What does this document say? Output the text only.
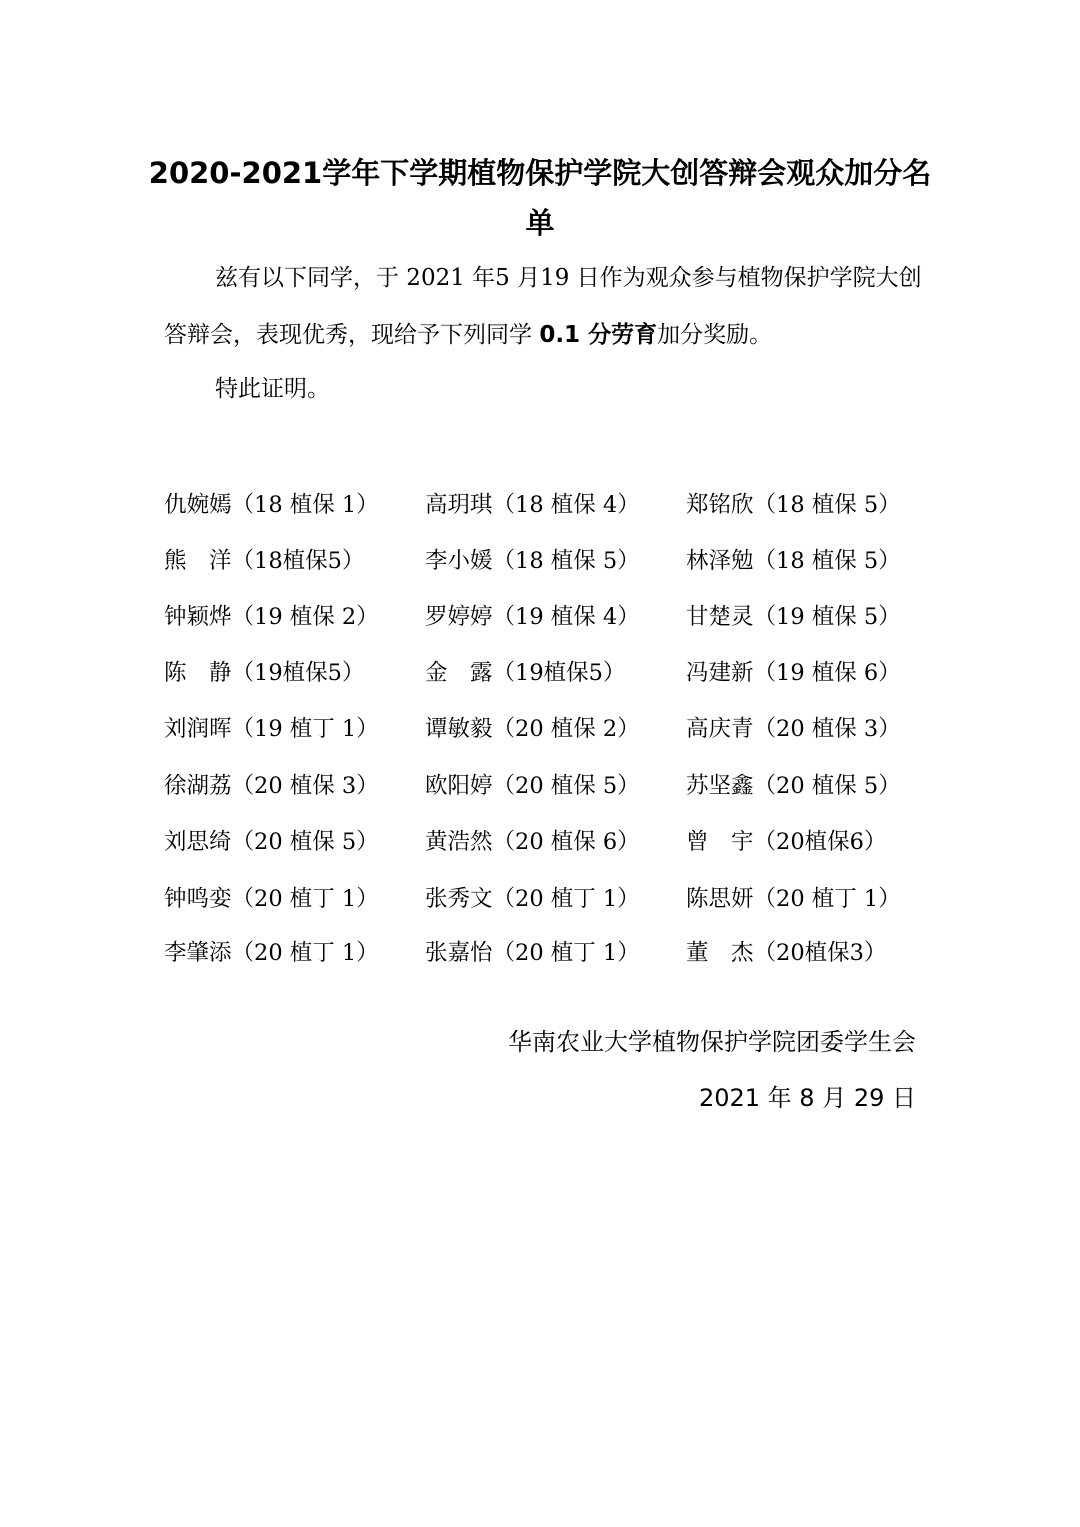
2020-2021学年下学期植物保护学院大创答辩会观众加分名单

兹有以下同学，于 2021 年5 月19 日作为观众参与植物保护学院大创答辩会，表现优秀，现给予下列同学 0.1 分劳育加分奖励。

特此证明。

仇婉嫣（18 植保 1） 高玥琪（18 植保 4） 郑铭欣（18 植保 5）
熊　洋（18植保5）	李小媛（18 植保 5） 林泽勉（18 植保 5）
钟颖烨（19 植保 2） 罗婷婷（19 植保 4） 甘楚灵（19 植保 5）
陈　静（19植保5）	金　露（19植保5）	冯建新（19 植保 6）
刘润晖（19 植丁 1） 谭敏毅（20 植保 2） 高庆青（20 植保 3）
徐湖荔（20 植保 3） 欧阳婷（20 植保 5） 苏坚鑫（20 植保 5）
刘思绮（20 植保 5） 黄浩然（20 植保 6） 曾　宇（20植保6）
钟鸣娈（20 植丁 1） 张秀文（20 植丁 1） 陈思妍（20 植丁 1）
李肇添（20 植丁 1） 张嘉怡（20 植丁 1） 董　杰（20植保3）

华南农业大学植物保护学院团委学生会

2021 年 8 月 29 日
